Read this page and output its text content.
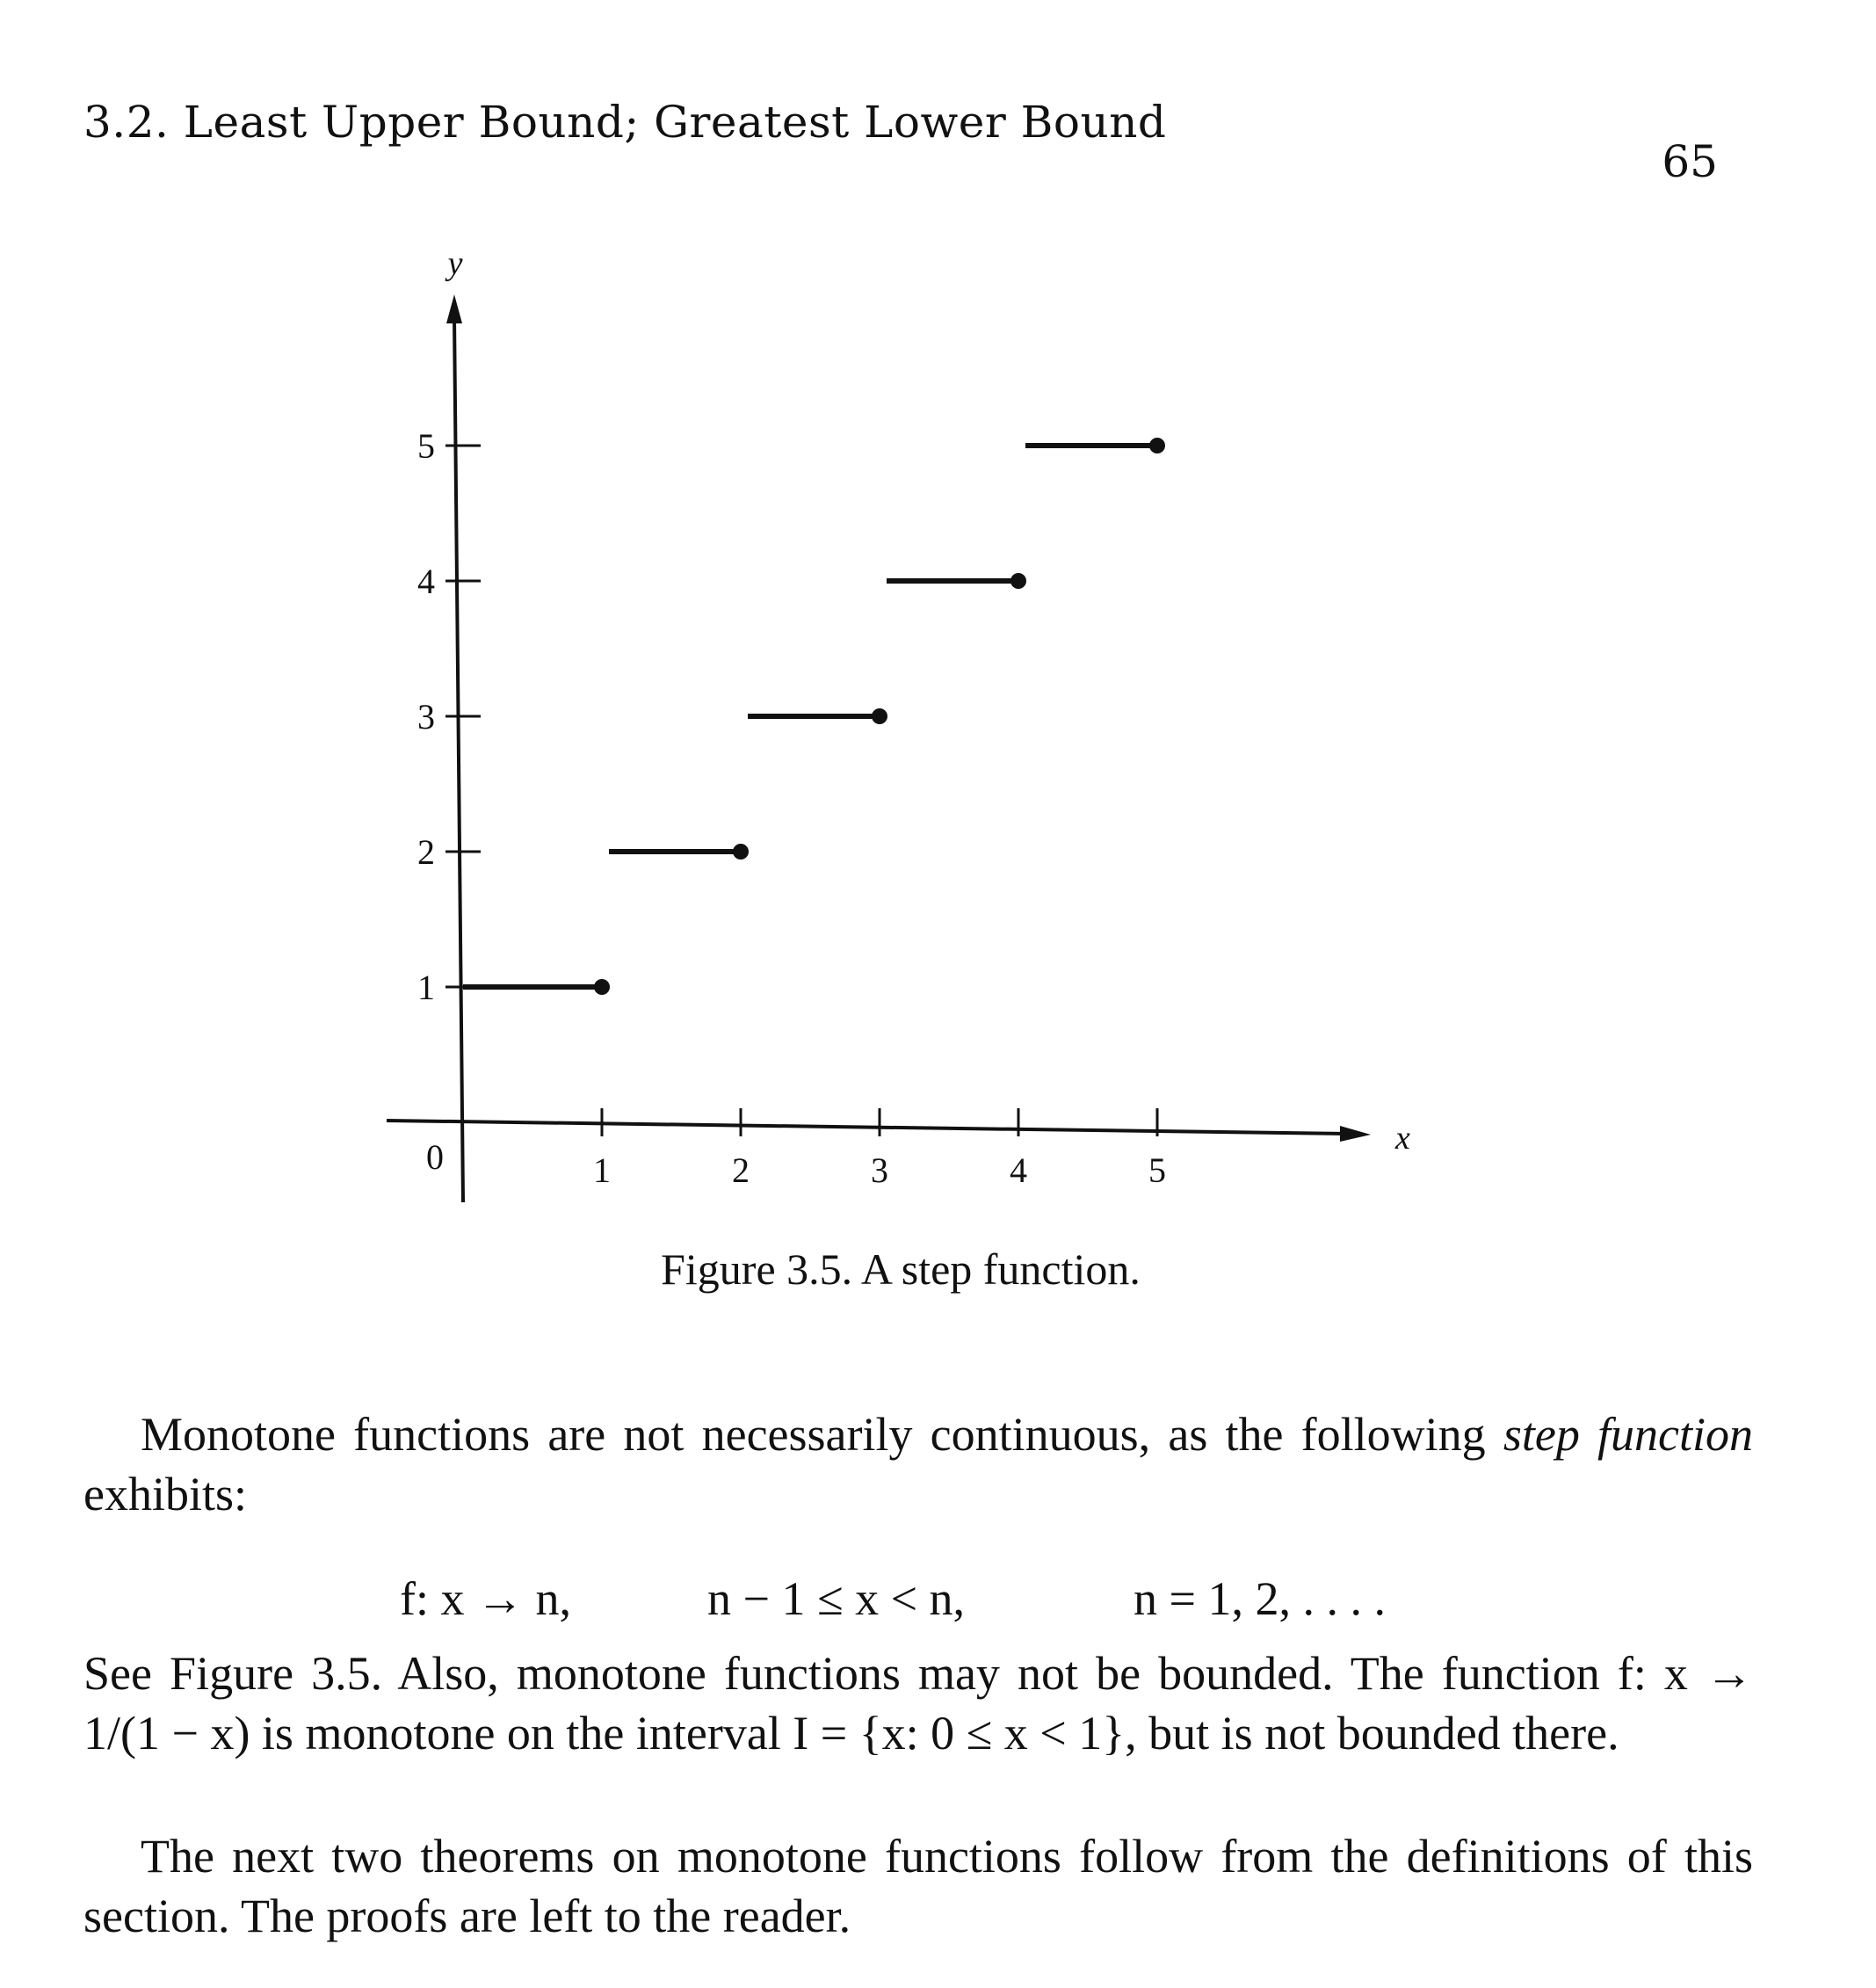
3.2. Least Upper Bound; Greatest Lower Bound
65
x
y
0	1	2	3	4	5
1
2
3
4
5
Figure 3.5. A step function.
Monotone functions are not necessarily continuous, as the following step function exhibits:
f: x → n,	n − 1 ≤ x < n,	n = 1, 2, . . . .
See Figure 3.5. Also, monotone functions may not be bounded. The function f: x → 1/(1 − x) is monotone on the interval I = {x: 0 ≤ x < 1}, but is not bounded there.
The next two theorems on monotone functions follow from the definitions of this section. The proofs are left to the reader.
